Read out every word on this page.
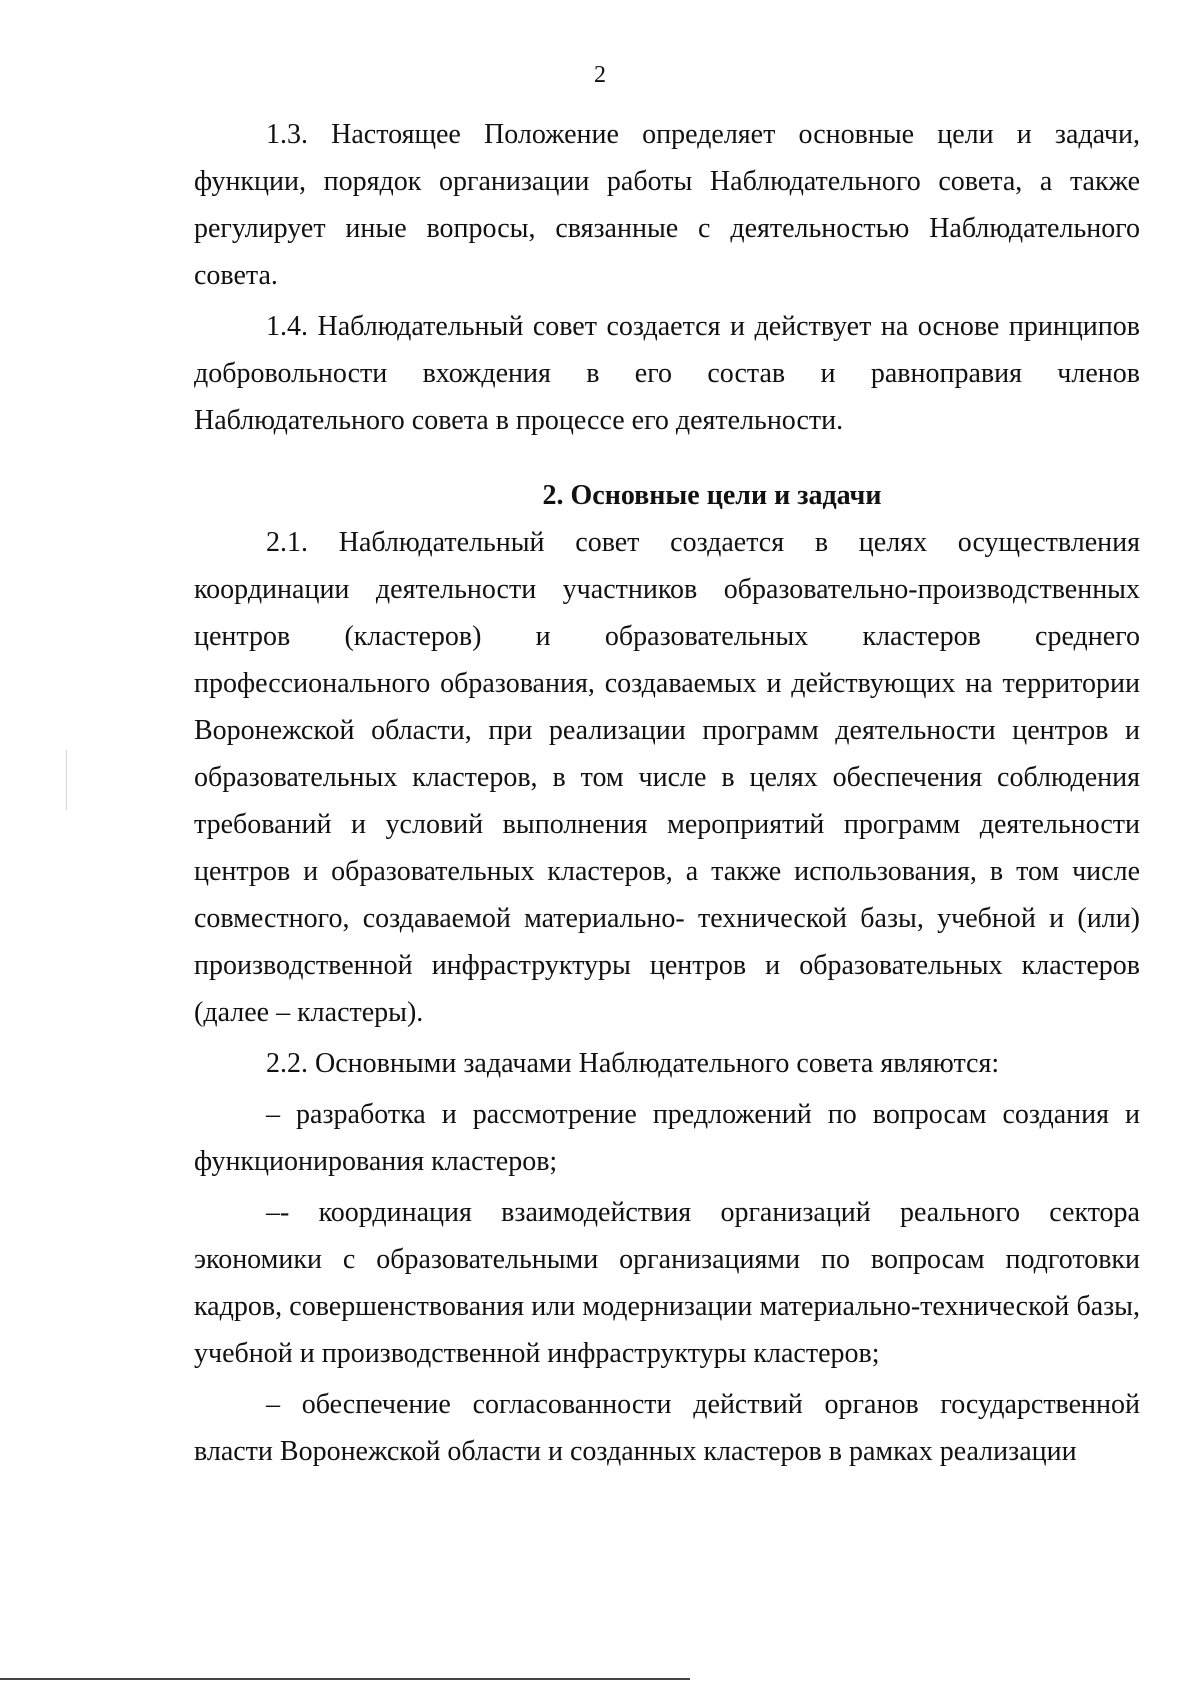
2

1.3. Настоящее Положение определяет основные цели и задачи, функции, порядок организации работы Наблюдательного совета, а также регулирует иные вопросы, связанные с деятельностью Наблюдательного совета.

1.4. Наблюдательный совет создается и действует на основе принципов добровольности вхождения в его состав и равноправия членов Наблюдательного совета в процессе его деятельности.

2. Основные цели и задачи

2.1. Наблюдательный совет создается в целях осуществления координации деятельности участников образовательно-производственных центров (кластеров) и образовательных кластеров среднего профессионального образования, создаваемых и действующих на территории Воронежской области, при реализации программ деятельности центров и образовательных кластеров, в том числе в целях обеспечения соблюдения требований и условий выполнения мероприятий программ деятельности центров и образовательных кластеров, а также использования, в том числе совместного, создаваемой материально- технической базы, учебной и (или) производственной инфраструктуры центров и образовательных кластеров (далее – кластеры).

2.2. Основными задачами Наблюдательного совета являются:

– разработка и рассмотрение предложений по вопросам создания и функционирования кластеров;

–- координация взаимодействия организаций реального сектора экономики с образовательными организациями по вопросам подготовки кадров, совершенствования или модернизации материально-технической базы, учебной и производственной инфраструктуры кластеров;

– обеспечение согласованности действий органов государственной власти Воронежской области и созданных кластеров в рамках реализации
